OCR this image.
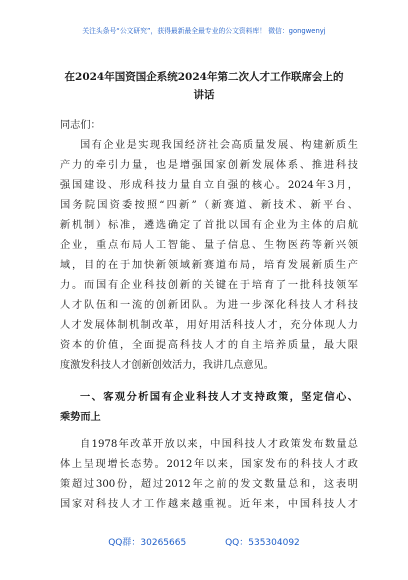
关注头条号“公文研究”，获得最新最全最专业的公文资料库！ 微信：gongwenyj
在2024年国资国企系统2024年第二次人才工作联席会上的
讲话
同志们：
国有企业是实现我国经济社会高质量发展、构建新质生
产力的牵引力量，也是增强国家创新发展体系、推进科技
强国建设、形成科技力量自立自强的核心。2024年3月，
国务院国资委按照“四新”（新赛道、新技术、新平台、
新机制）标准，遴选确定了首批以国有企业为主体的启航
企业，重点布局人工智能、量子信息、生物医药等新兴领
域，目的在于加快新领域新赛道布局，培育发展新质生产
力。而国有企业科技创新的关键在于培育了一批科技领军
人才队伍和一流的创新团队。为进一步深化科技人才科技
人才发展体制机制改革，用好用活科技人才，充分体现人力
资本的价值，全面提高科技人才的自主培养质量，最大限
度激发科技人才创新创效活力，我讲几点意见。
一、客观分析国有企业科技人才支持政策，坚定信心、
乘势而上
自1978年改革开放以来，中国科技人才政策发布数量总
体上呈现增长态势。2012年以来，国家发布的科技人才政
策超过300份，超过2012年之前的发文数量总和，这表明
国家对科技人才工作越来越重视。近年来，中国科技人才
QQ群：30265665	QQ：535304092
